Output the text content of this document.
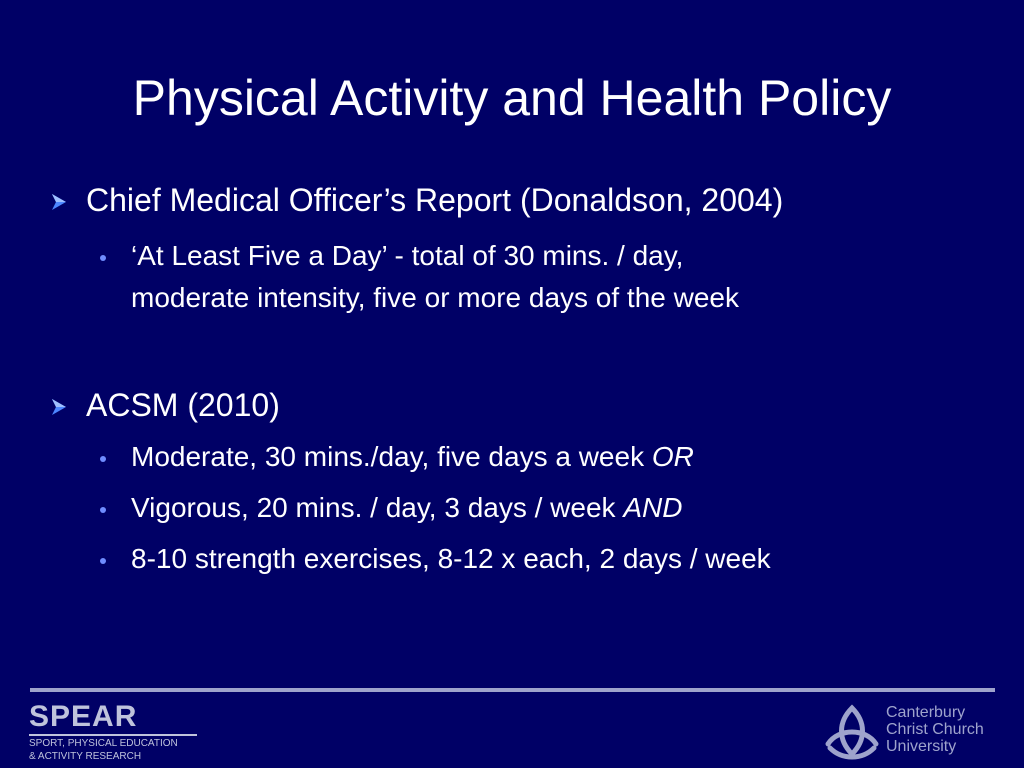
Physical Activity and Health Policy
Chief Medical Officer’s Report (Donaldson, 2004)
‘At Least Five a Day’ - total of 30 mins. / day,
moderate intensity, five or more days of the week
ACSM (2010)
Moderate, 30 mins./day, five days a week OR
Vigorous, 20 mins. / day, 3 days / week AND
8-10 strength exercises, 8-12 x each, 2 days / week
SPEAR
SPORT, PHYSICAL EDUCATION
& ACTIVITY RESEARCH
Canterbury
Christ Church
University
